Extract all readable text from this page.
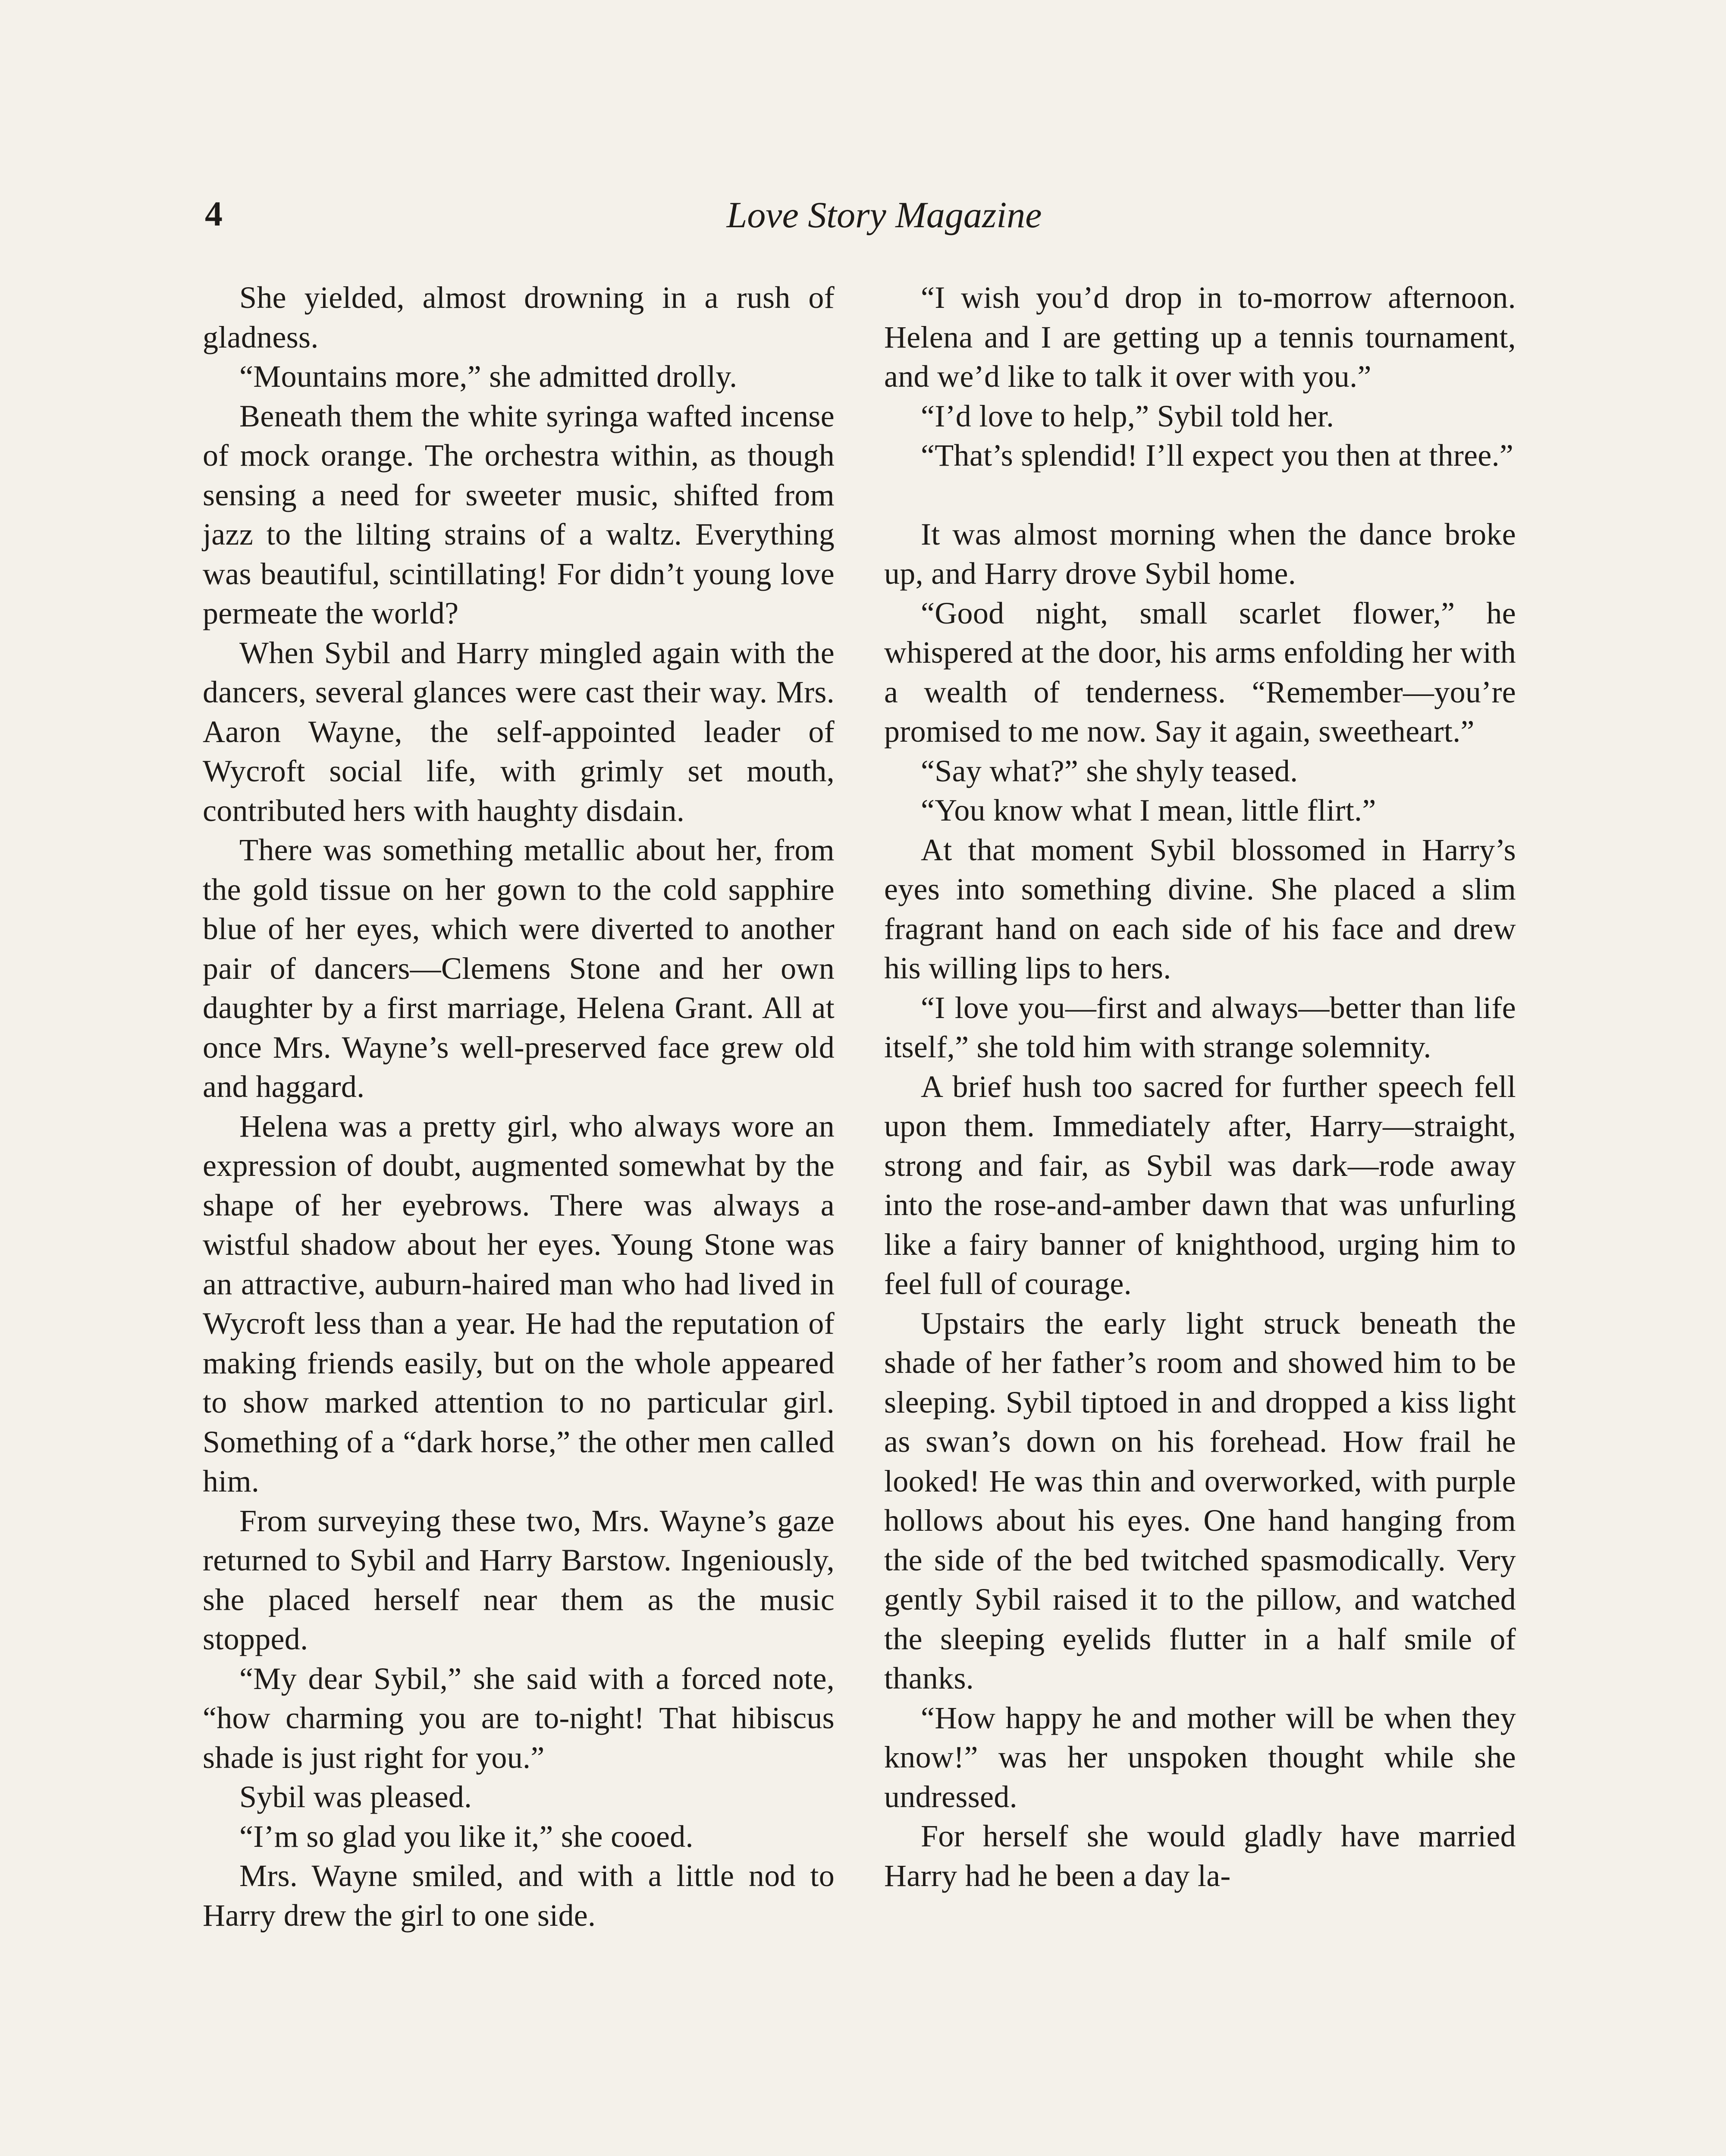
4	Love Story Magazine

She yielded, almost drowning in a rush of gladness.

“Mountains more,” she admitted drolly.

Beneath them the white syringa wafted incense of mock orange. The orchestra within, as though sensing a need for sweeter music, shifted from jazz to the lilting strains of a waltz. Everything was beautiful, scintillating! For didn’t young love permeate the world?

When Sybil and Harry mingled again with the dancers, several glances were cast their way. Mrs. Aaron Wayne, the self-appointed leader of Wycroft social life, with grimly set mouth, contributed hers with haughty disdain.

There was something metallic about her, from the gold tissue on her gown to the cold sapphire blue of her eyes, which were diverted to another pair of dancers—Clemens Stone and her own daughter by a first marriage, Helena Grant. All at once Mrs. Wayne’s well-preserved face grew old and haggard.

Helena was a pretty girl, who always wore an expression of doubt, augmented somewhat by the shape of her eyebrows. There was always a wistful shadow about her eyes. Young Stone was an attractive, auburn-haired man who had lived in Wycroft less than a year. He had the reputation of making friends easily, but on the whole appeared to show marked attention to no particular girl. Something of a “dark horse,” the other men called him.

From surveying these two, Mrs. Wayne’s gaze returned to Sybil and Harry Barstow. Ingeniously, she placed herself near them as the music stopped.

“My dear Sybil,” she said with a forced note, “how charming you are to-night! That hibiscus shade is just right for you.”

Sybil was pleased.

“I’m so glad you like it,” she cooed.

Mrs. Wayne smiled, and with a little nod to Harry drew the girl to one side.

“I wish you’d drop in to-morrow afternoon. Helena and I are getting up a tennis tournament, and we’d like to talk it over with you.”

“I’d love to help,” Sybil told her.

“That’s splendid! I’ll expect you then at three.”

It was almost morning when the dance broke up, and Harry drove Sybil home.

“Good night, small scarlet flower,” he whispered at the door, his arms enfolding her with a wealth of tenderness. “Remember—you’re promised to me now. Say it again, sweetheart.”

“Say what?” she shyly teased.

“You know what I mean, little flirt.”

At that moment Sybil blossomed in Harry’s eyes into something divine. She placed a slim fragrant hand on each side of his face and drew his willing lips to hers.

“I love you—first and always—better than life itself,” she told him with strange solemnity.

A brief hush too sacred for further speech fell upon them. Immediately after, Harry—straight, strong and fair, as Sybil was dark—rode away into the rose-and-amber dawn that was unfurling like a fairy banner of knighthood, urging him to feel full of courage.

Upstairs the early light struck beneath the shade of her father’s room and showed him to be sleeping. Sybil tiptoed in and dropped a kiss light as swan’s down on his forehead. How frail he looked! He was thin and overworked, with purple hollows about his eyes. One hand hanging from the side of the bed twitched spasmodically. Very gently Sybil raised it to the pillow, and watched the sleeping eyelids flutter in a half smile of thanks.

“How happy he and mother will be when they know!” was her unspoken thought while she undressed.

For herself she would gladly have married Harry had he been a day la-
